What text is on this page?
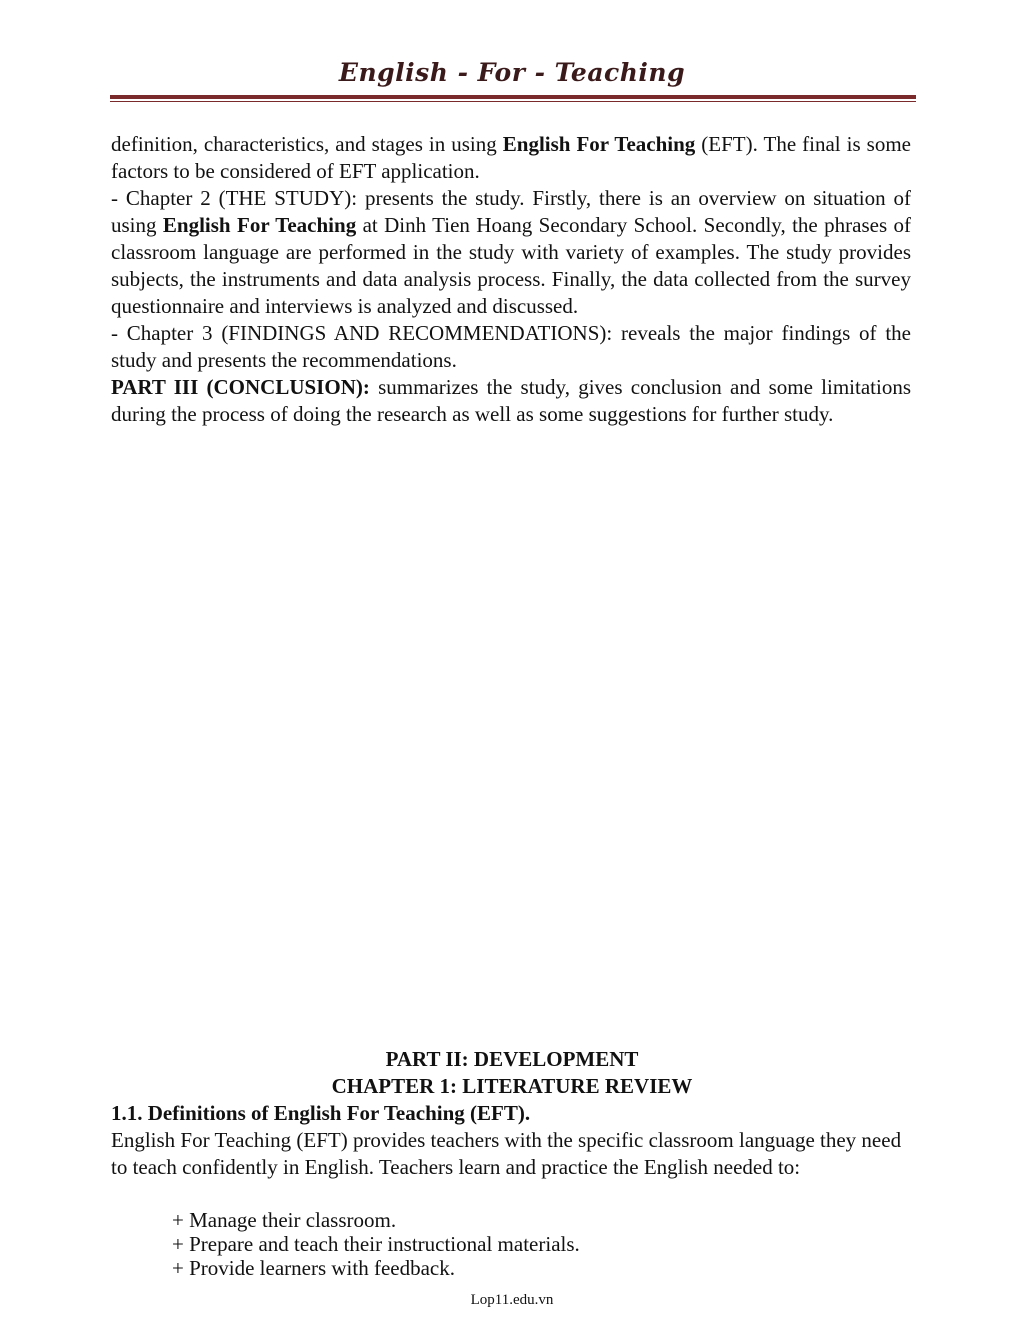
English - For - Teaching

definition, characteristics, and stages in using English For Teaching (EFT). The final is some factors to be considered of EFT application.

- Chapter 2 (THE STUDY): presents the study. Firstly, there is an overview on situation of using English For Teaching at Dinh Tien Hoang Secondary School. Secondly, the phrases of classroom language are performed in the study with variety of examples. The study provides subjects, the instruments and data analysis process. Finally, the data collected from the survey questionnaire and interviews is analyzed and discussed.

- Chapter 3 (FINDINGS AND RECOMMENDATIONS): reveals the major findings of the study and presents the recommendations.

PART III (CONCLUSION): summarizes the study, gives conclusion and some limitations during the process of doing the research as well as some suggestions for further study.

PART II: DEVELOPMENT
CHAPTER 1: LITERATURE REVIEW
1.1. Definitions of English For Teaching (EFT).
English For Teaching (EFT) provides teachers with the specific classroom language they need to teach confidently in English. Teachers learn and practice the English needed to:
+ Manage their classroom.
+ Prepare and teach their instructional materials.
+ Provide learners with feedback.
Lop11.edu.vn
